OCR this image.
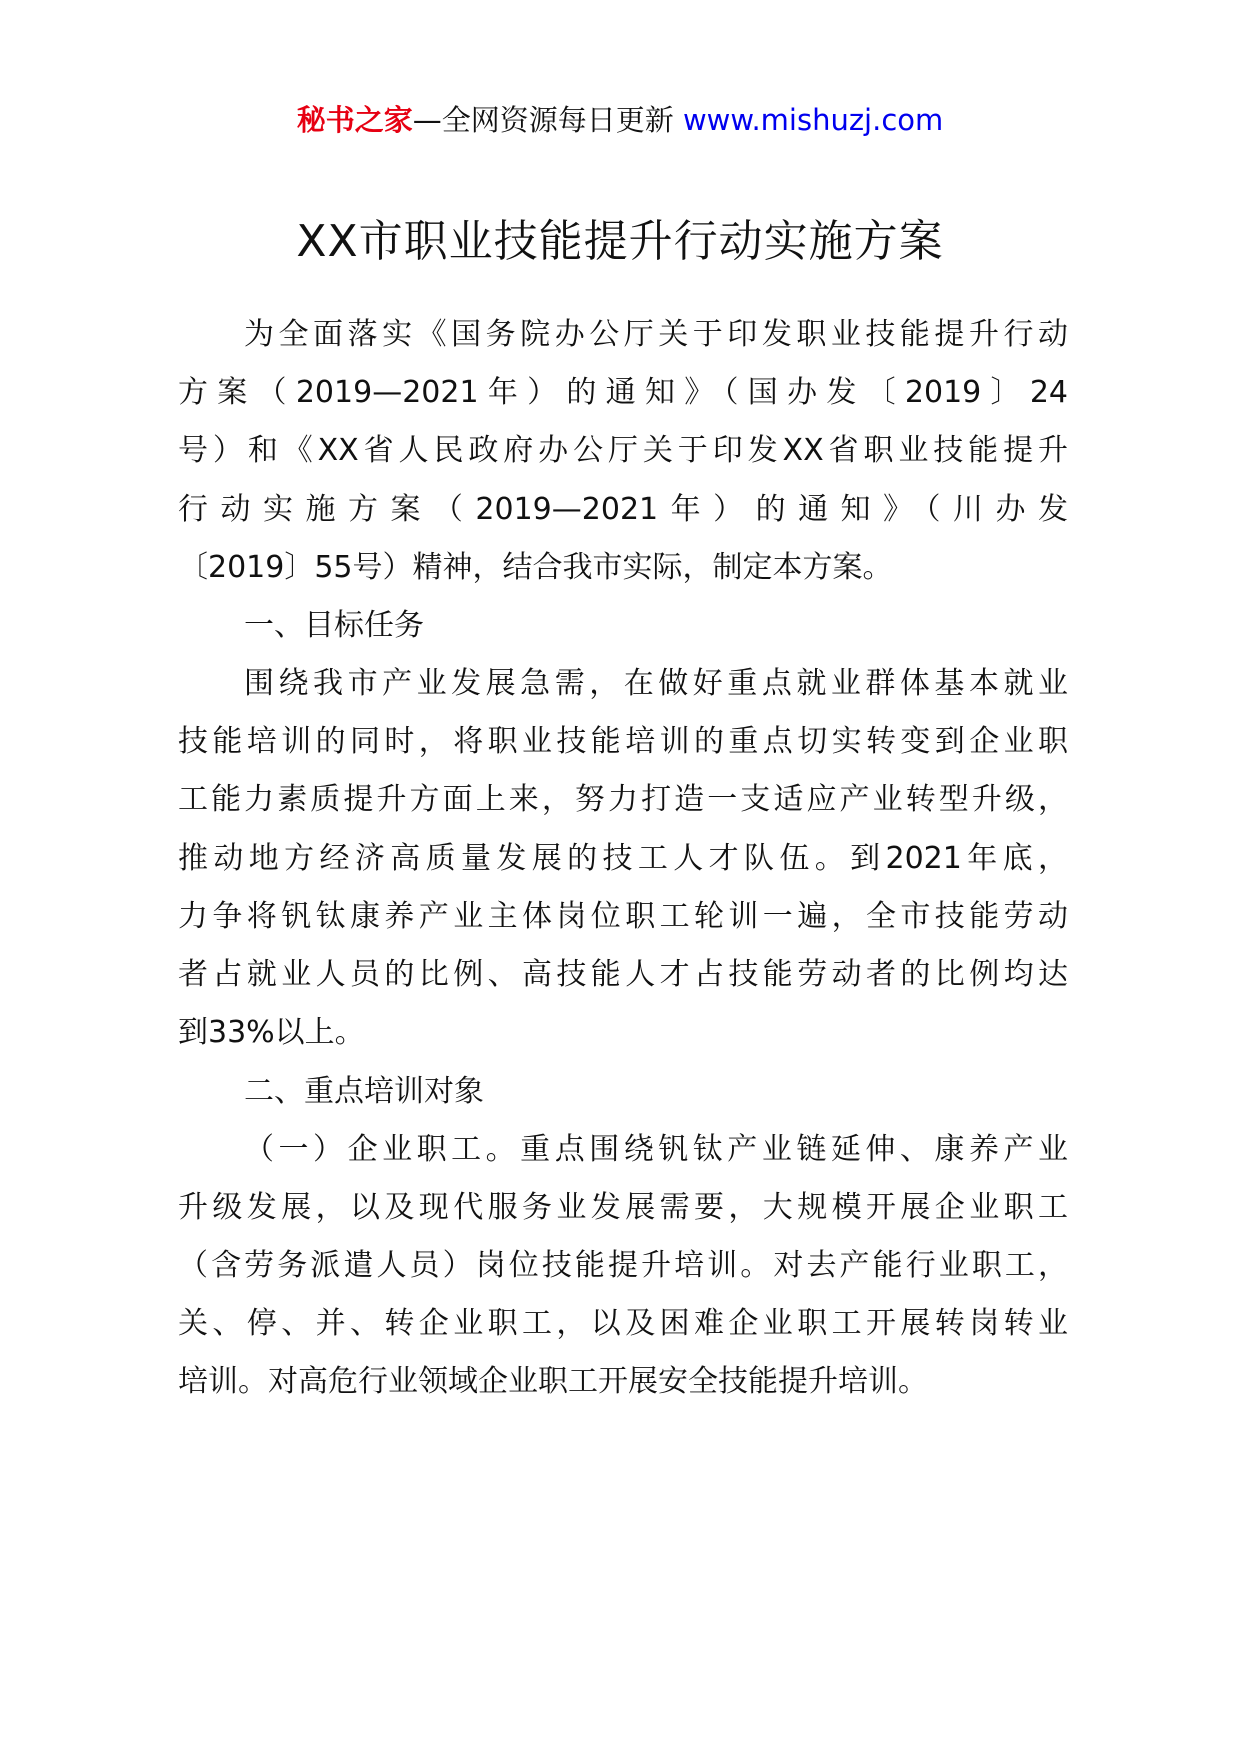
秘书之家—全网资源每日更新 www.mishuzj.com
XX市职业技能提升行动实施方案
为全面落实《国务院办公厅关于印发职业技能提升行动
方案（2019—2021年）的通知》（国办发〔2019〕24
号）和《XX省人民政府办公厅关于印发XX省职业技能提升
行动实施方案（2019—2021年）的通知》（川办发
〔2019〕55号）精神，结合我市实际，制定本方案。
一、目标任务
围绕我市产业发展急需，在做好重点就业群体基本就业
技能培训的同时，将职业技能培训的重点切实转变到企业职
工能力素质提升方面上来，努力打造一支适应产业转型升级，
推动地方经济高质量发展的技工人才队伍。到2021年底，
力争将钒钛康养产业主体岗位职工轮训一遍，全市技能劳动
者占就业人员的比例、高技能人才占技能劳动者的比例均达
到33%以上。
二、重点培训对象
（一）企业职工。重点围绕钒钛产业链延伸、康养产业
升级发展，以及现代服务业发展需要，大规模开展企业职工
（含劳务派遣人员）岗位技能提升培训。对去产能行业职工，
关、停、并、转企业职工，以及困难企业职工开展转岗转业
培训。对高危行业领域企业职工开展安全技能提升培训。
